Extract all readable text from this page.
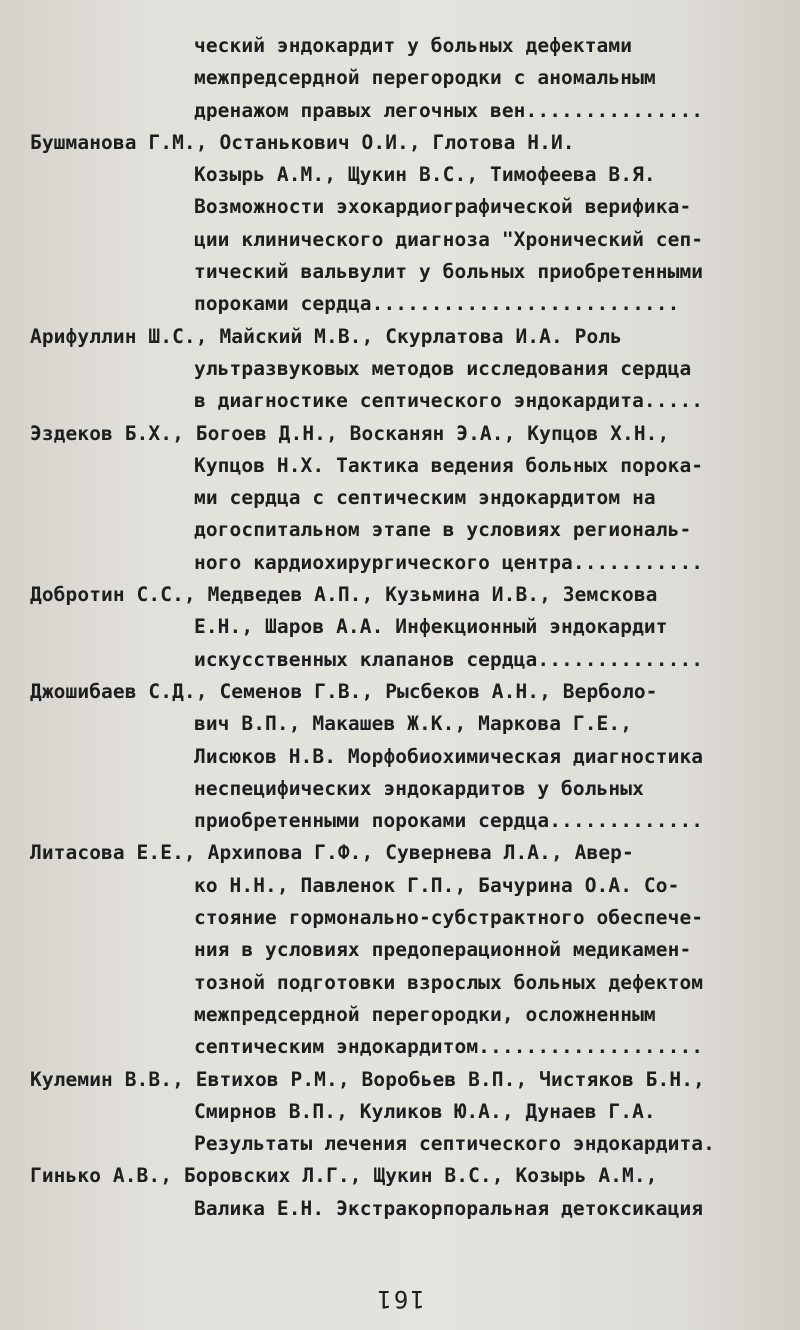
ческий эндокардит у больных дефектами
межпредсердной перегородки с аномальным
дренажом правых легочных вен...............
Бушманова Г.М., Останькович О.И., Глотова Н.И.
Козырь А.М., Щукин В.С., Тимофеева В.Я.
Возможности эхокардиографической верифика-
ции клинического диагноза "Хронический сеп-
тический вальвулит у больных приобретенными
пороками сердца..........................
Арифуллин Ш.С., Майский М.В., Скурлатова И.А. Роль
ультразвуковых методов исследования сердца
в диагностике септического эндокардита.....
Эздеков Б.Х., Богоев Д.Н., Восканян Э.А., Купцов Х.Н.,
Купцов Н.Х. Тактика ведения больных порока-
ми сердца с септическим эндокардитом на
догоспитальном этапе в условиях региональ-
ного кардиохирургического центра...........
Добротин С.С., Медведев А.П., Кузьмина И.В., Земскова
Е.Н., Шаров А.А. Инфекционный эндокардит
искусственных клапанов сердца..............
Джошибаев С.Д., Семенов Г.В., Рысбеков А.Н., Верболо-
вич В.П., Макашев Ж.К., Маркова Г.Е.,
Лисюков Н.В. Морфобиохимическая диагностика
неспецифических эндокардитов у больных
приобретенными пороками сердца.............
Литасова Е.Е., Архипова Г.Ф., Сувернева Л.А., Авер-
ко Н.Н., Павленок Г.П., Бачурина О.А. Со-
стояние гормонально-субстрактного обеспече-
ния в условиях предоперационной медикамен-
тозной подготовки взрослых больных дефектом
межпредсердной перегородки, осложненным
септическим эндокардитом...................
Кулемин В.В., Евтихов Р.М., Воробьев В.П., Чистяков Б.Н.,
Смирнов В.П., Куликов Ю.А., Дунаев Г.А.
Результаты лечения септического эндокардита.
Гинько А.В., Боровских Л.Г., Щукин В.С., Козырь А.М.,
Валика Е.Н. Экстракорпоральная детоксикация
161
